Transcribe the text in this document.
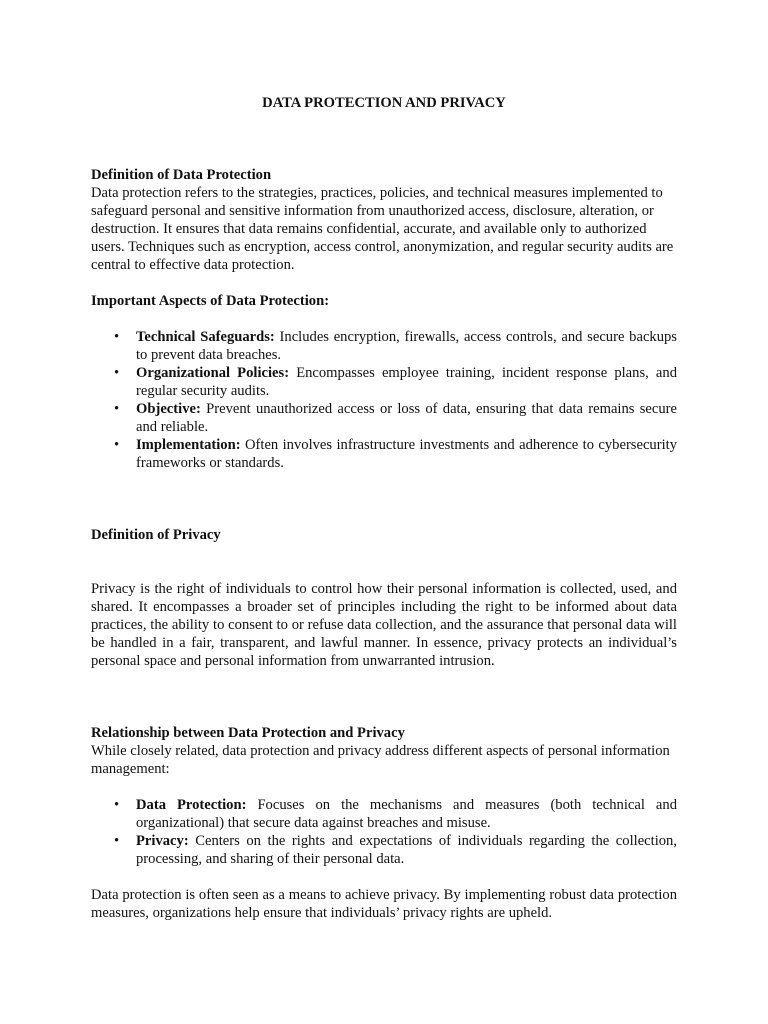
DATA PROTECTION AND PRIVACY

Definition of Data Protection

Data protection refers to the strategies, practices, policies, and technical measures implemented to safeguard personal and sensitive information from unauthorized access, disclosure, alteration, or destruction. It ensures that data remains confidential, accurate, and available only to authorized users. Techniques such as encryption, access control, anonymization, and regular security audits are central to effective data protection.

Important Aspects of Data Protection:

• Technical Safeguards: Includes encryption, firewalls, access controls, and secure backups to prevent data breaches.
• Organizational Policies: Encompasses employee training, incident response plans, and regular security audits.
• Objective: Prevent unauthorized access or loss of data, ensuring that data remains secure and reliable.
• Implementation: Often involves infrastructure investments and adherence to cybersecurity frameworks or standards.

Definition of Privacy

Privacy is the right of individuals to control how their personal information is collected, used, and shared. It encompasses a broader set of principles including the right to be informed about data practices, the ability to consent to or refuse data collection, and the assurance that personal data will be handled in a fair, transparent, and lawful manner. In essence, privacy protects an individual’s personal space and personal information from unwarranted intrusion.

Relationship between Data Protection and Privacy

While closely related, data protection and privacy address different aspects of personal information management:

• Data Protection: Focuses on the mechanisms and measures (both technical and organizational) that secure data against breaches and misuse.
• Privacy: Centers on the rights and expectations of individuals regarding the collection, processing, and sharing of their personal data.

Data protection is often seen as a means to achieve privacy. By implementing robust data protection measures, organizations help ensure that individuals’ privacy rights are upheld.
